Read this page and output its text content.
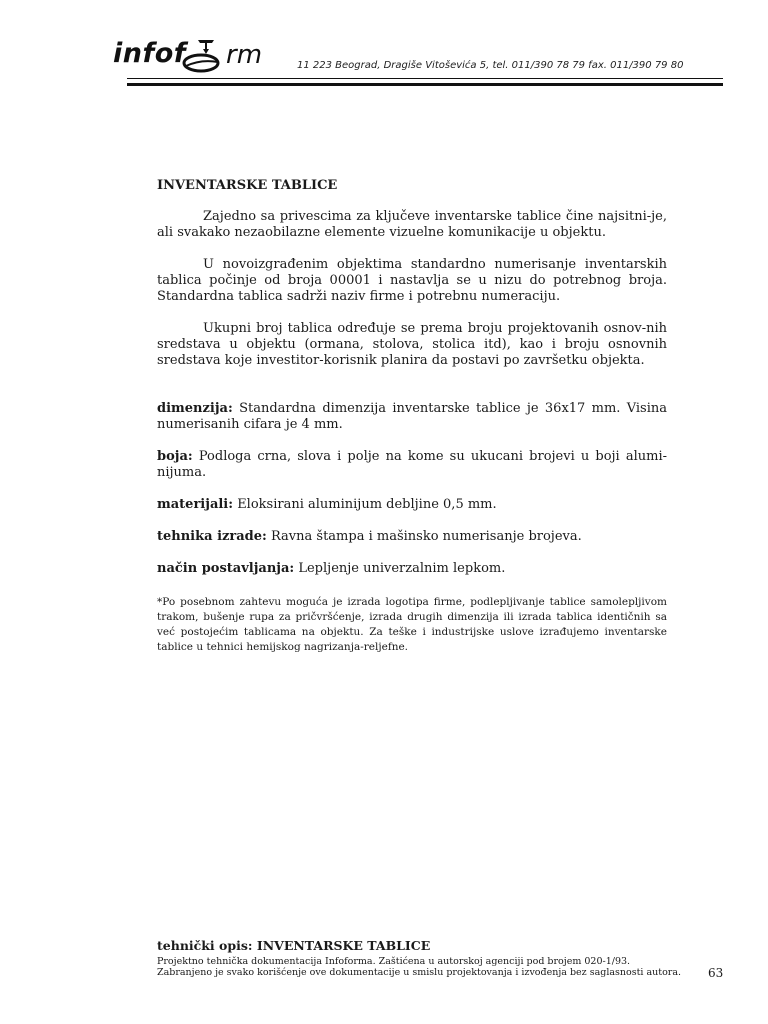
infof rm	11 223 Beograd, Dragiše Vitoševića 5, tel. 011/390 78 79 fax. 011/390 79 80
INVENTARSKE TABLICE

Zajedno sa privescima za ključeve inventarske tablice čine najsitni-je, ali svakako nezaobilazne elemente vizuelne komunikacije u objektu.

U novoizgrađenim objektima standardno numerisanje inventarskih tablica počinje od broja 00001 i nastavlja se u nizu do potrebnog broja. Standardna tablica sadrži naziv firme i potrebnu numeraciju.

Ukupni broj tablica određuje se prema broju projektovanih osnov-nih sredstava u objektu (ormana, stolova, stolica itd), kao i broju osnovnih sredstava koje investitor-korisnik planira da postavi po završetku objekta.

dimenzija: Standardna dimenzija inventarske tablice je 36x17 mm. Visina numerisanih cifara je 4 mm.

boja: Podloga crna, slova i polje na kome su ukucani brojevi u boji alumi-nijuma.

materijali: Eloksirani aluminijum debljine 0,5 mm.

tehnika izrade: Ravna štampa i mašinsko numerisanje brojeva.

način postavljanja: Lepljenje univerzalnim lepkom.

*Po posebnom zahtevu moguća je izrada logotipa firme, podlepljivanje tablice samolepljivom trakom, bušenje rupa za pričvršćenje, izrada drugih dimenzija ili izrada tablica identičnih sa već postojećim tablicama na objektu. Za teške i industrijske uslove izrađujemo inventarske tablice u tehnici hemijskog nagrizanja-reljefne.
tehnički opis: INVENTARSKE TABLICE
Projektno tehnička dokumentacija Infoforma. Zaštićena u autorskoj agenciji pod brojem 020-1/93.
Zabranjeno je svako korišćenje ove dokumentacije u smislu projektovanja i izvođenja bez saglasnosti autora.	63
